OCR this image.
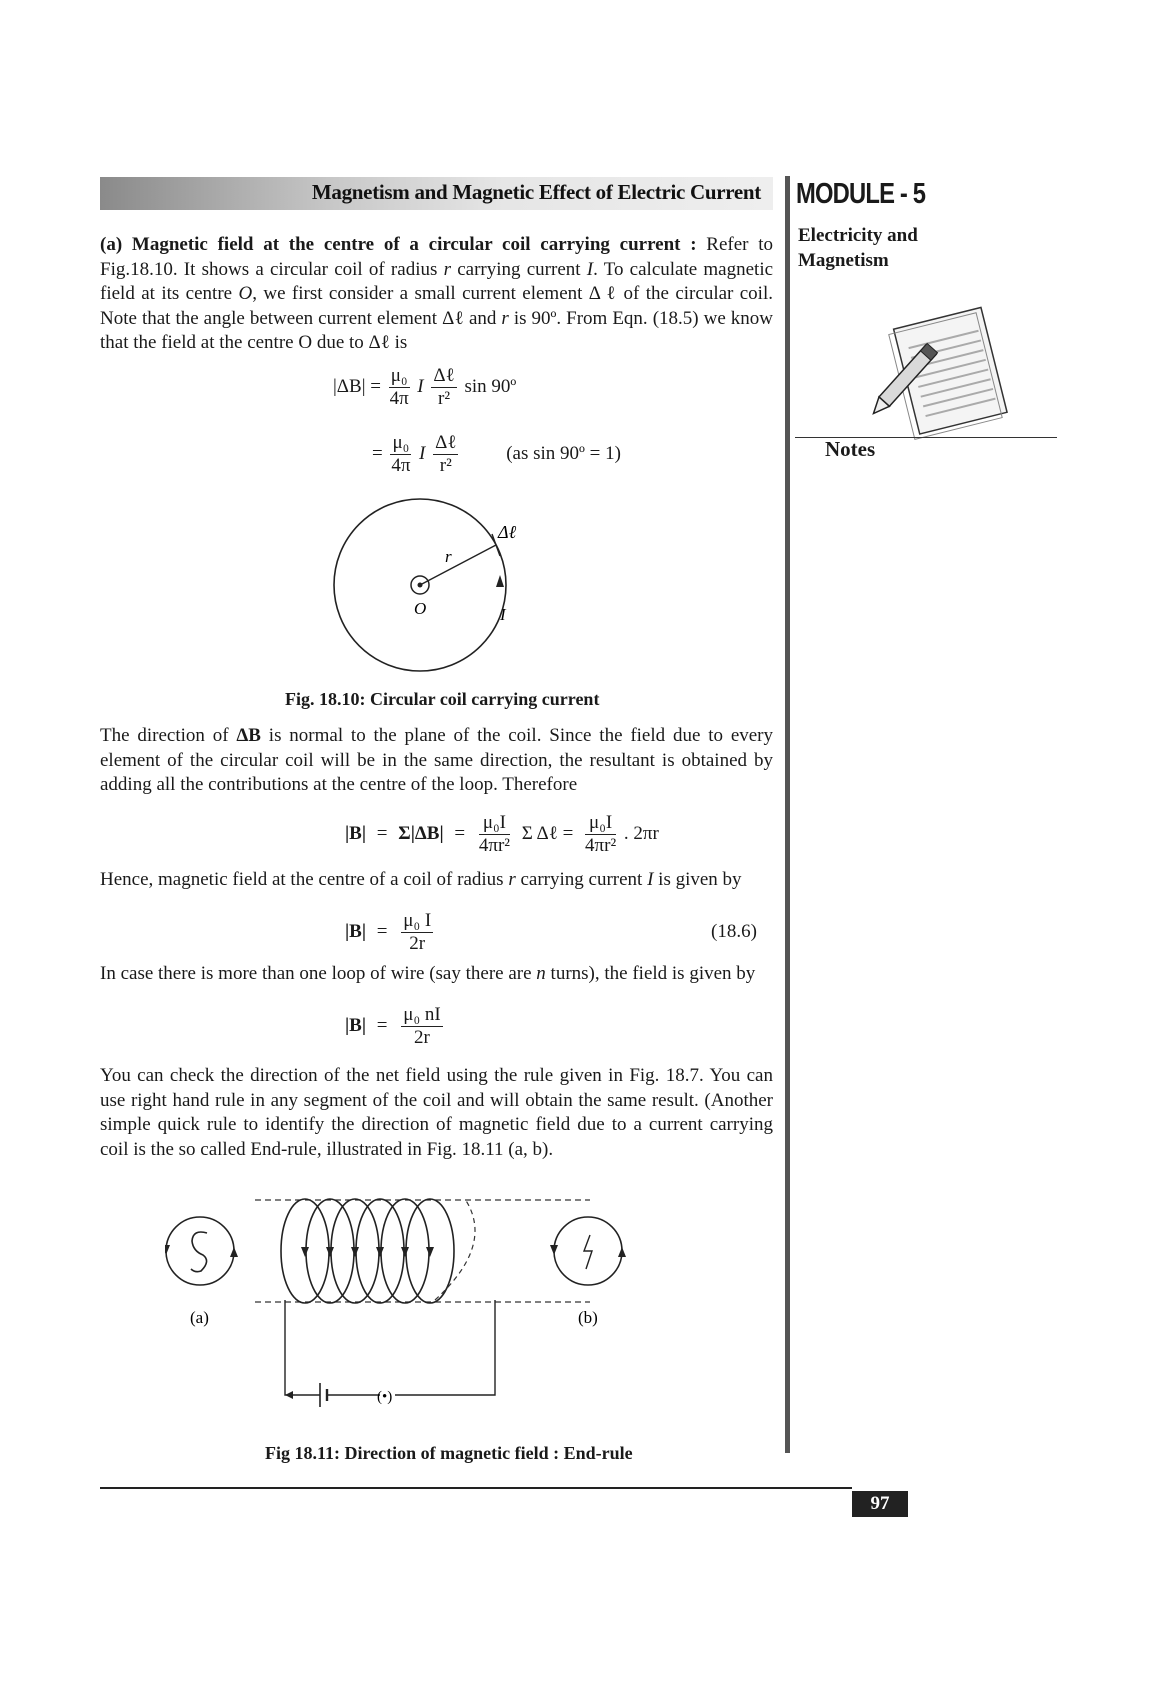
Magnetism and Magnetic Effect of Electric Current MODULE - 5
Electricity and
Magnetism
Notes
(a) Magnetic field at the centre of a circular coil carrying current : Refer to Fig.18.10. It shows a circular coil of radius r carrying current I. To calculate magnetic field at its centre O, we first consider a small current element Δ ℓ of the circular coil. Note that the angle between current element Δℓ and r is 90º. From Eqn. (18.5) we know that the field at the centre O due to Δℓ is
$|\Delta B| = \frac{\text{μ₀}}{4\pi}$ I $\frac{\text{Δℓ}}{\text{r²}}$ sin 90º
= $\frac{\text{μ₀}}{4\pi}$ I $\frac{\text{Δℓ}}{\text{r²}}$	(as sin 90º = 1)
Δℓ
r
O	I
Fig. 18.10: Circular coil carrying current
The direction of ΔB is normal to the plane of the coil. Since the field due to every element of the circular coil will be in the same direction, the resultant is obtained by adding all the contributions at the centre of the loop. Therefore
$|B| = \Sigma|\Delta B| = \frac{\text{μ₀I}}{\text{4πr²}}$ Σ Δℓ = $\frac{\text{μ₀I}}{\text{4πr²}}$ . 2πr
Hence, magnetic field at the centre of a coil of radius r carrying current I is given by
$|B| = \frac{\text{μ₀ I}}{2r}$	(18.6)
In case there is more than one loop of wire (say there are n turns), the field is given by
$|B| = \frac{\text{μ₀ nI}}{2r}$
You can check the direction of the net field using the rule given in Fig. 18.7. You can use right hand rule in any segment of the coil and will obtain the same result. (Another simple quick rule to identify the direction of magnetic field due to a current carrying coil is the so called End-rule, illustrated in Fig. 18.11 (a, b).
(•)
(a)	(b)
Fig 18.11: Direction of magnetic field : End-rule
97
